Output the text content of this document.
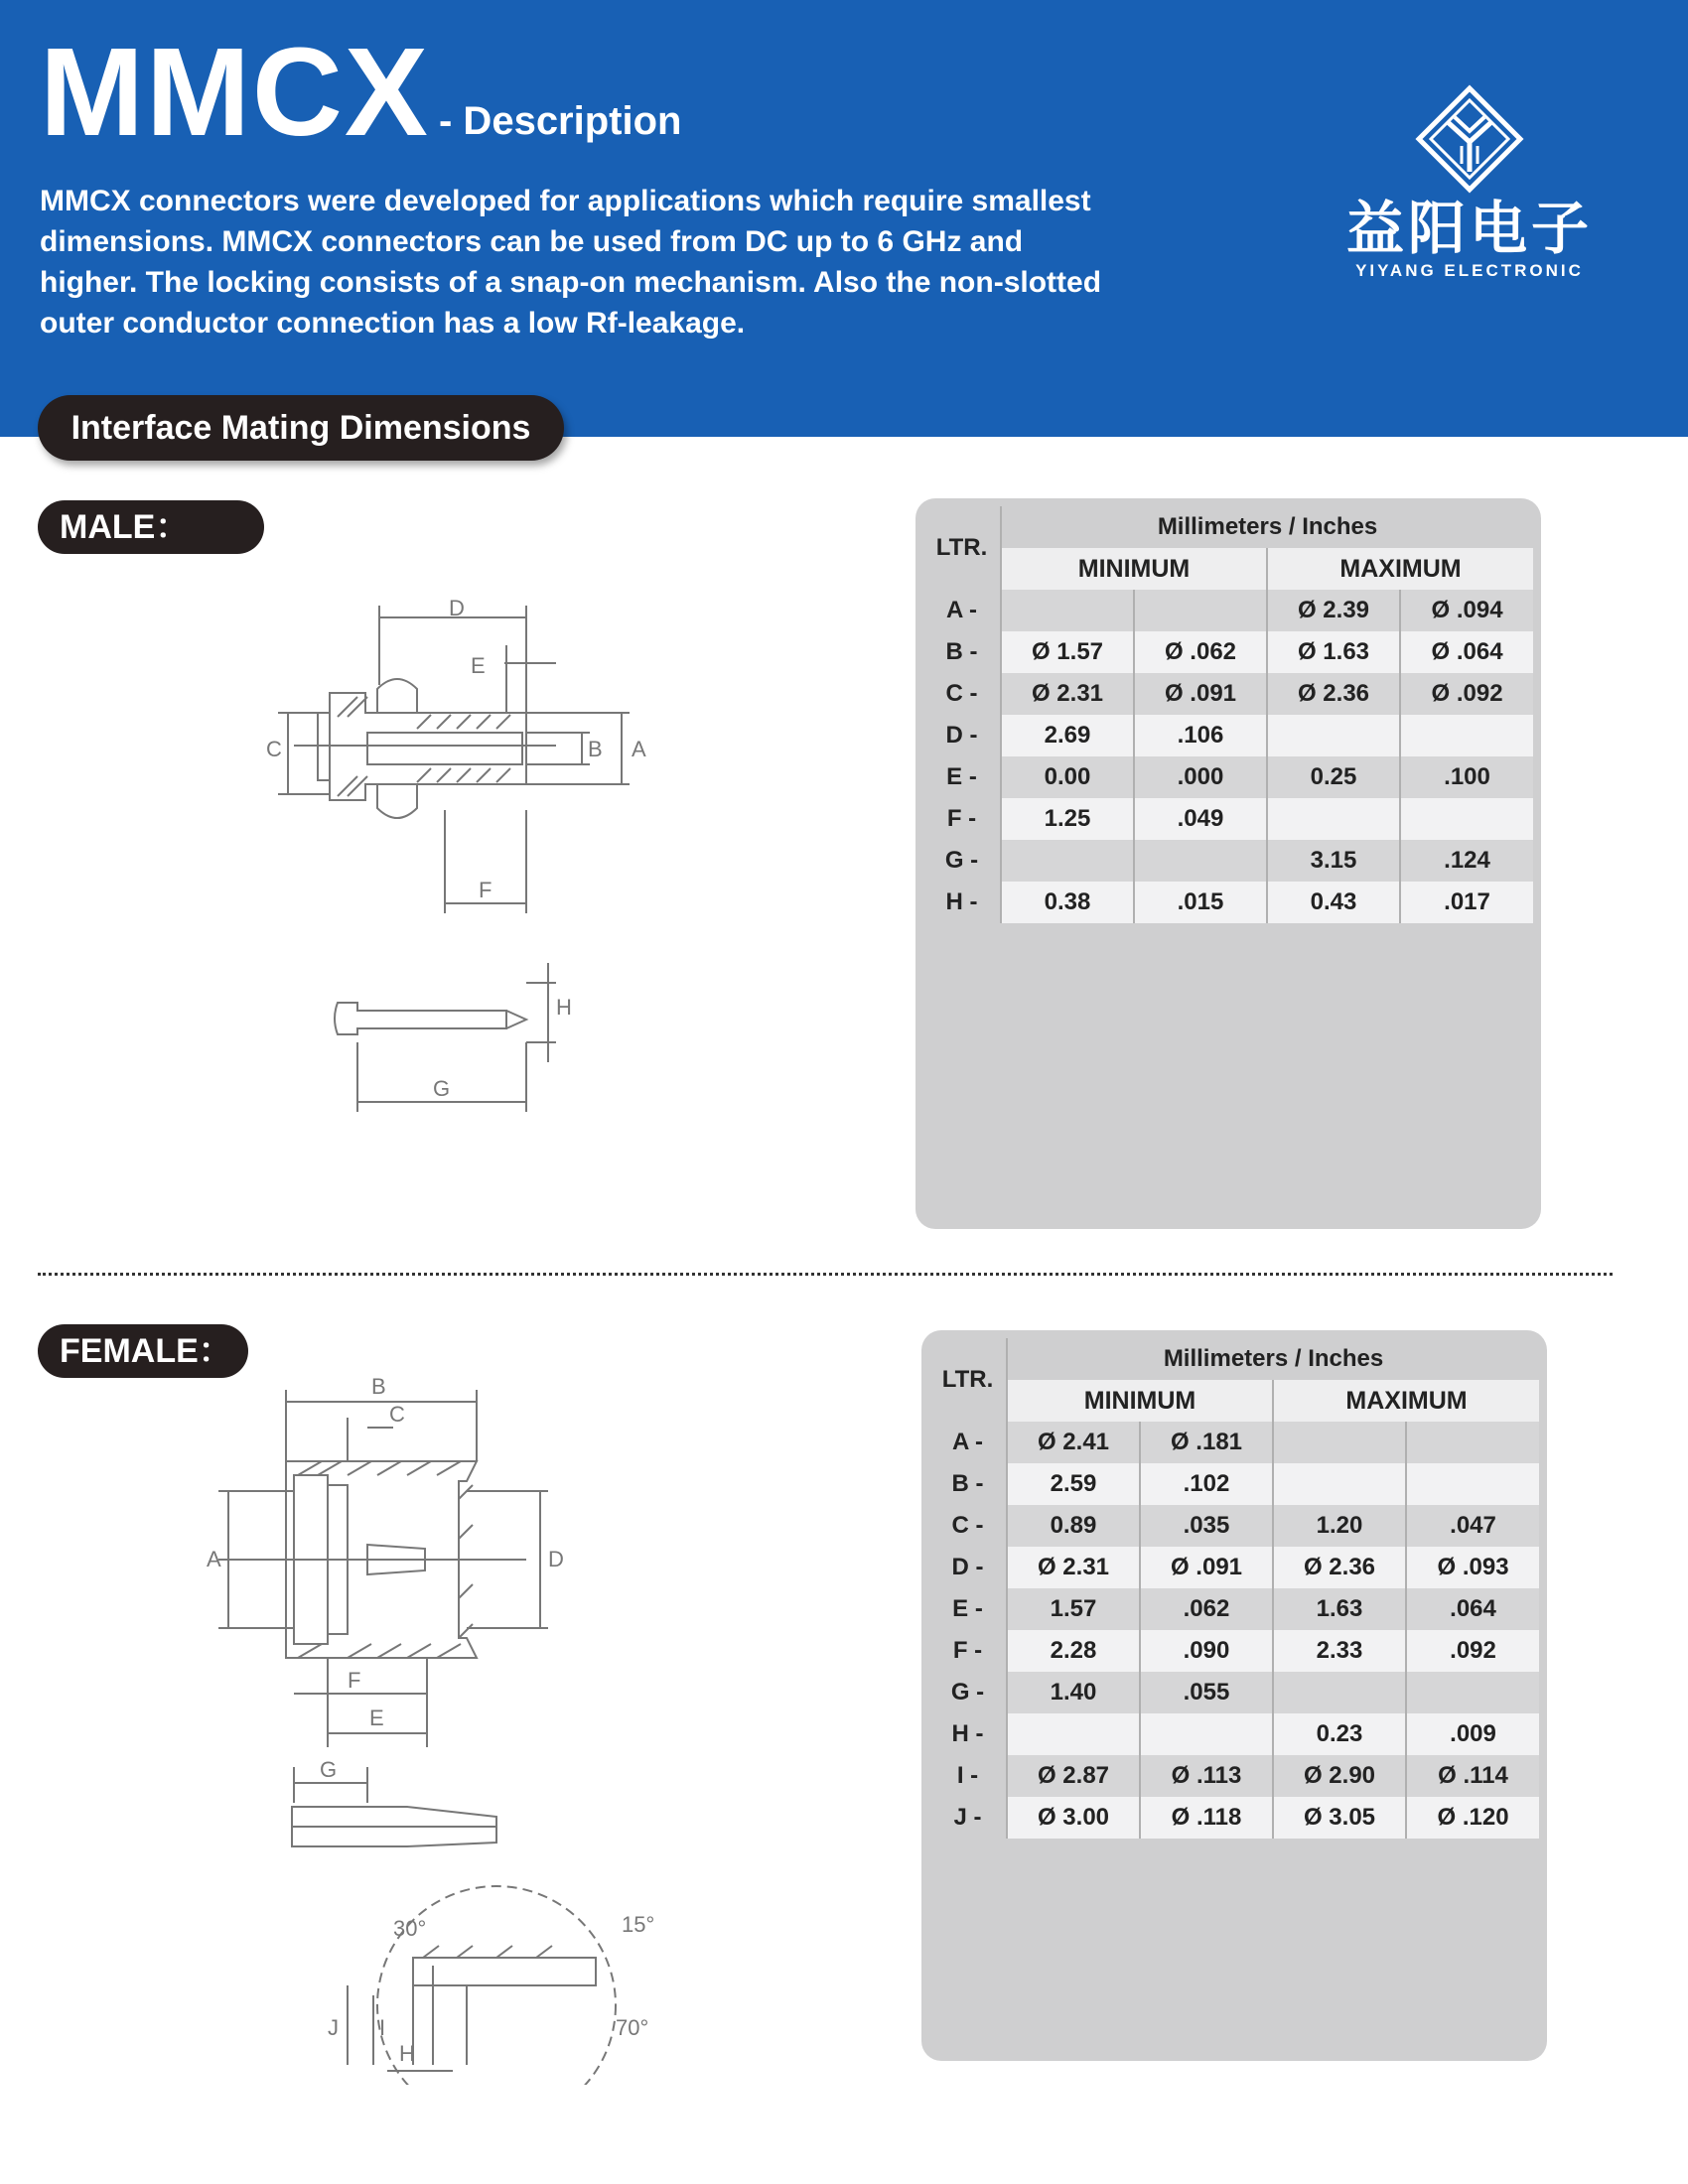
MMCX - Description
MMCX connectors were developed for applications which require smallest dimensions. MMCX connectors can be used from DC up to 6 GHz and higher. The locking consists of a snap-on mechanism. Also the non-slotted outer conductor connection has a low Rf-leakage.
益阳电子
YIYANG ELECTRONIC
Interface Mating Dimensions
MALE：
D
E
C	B A
F
H
G
LTR.	Millimeters / Inches			
	MINIMUM		MAXIMUM	
A -			Ø 2.39	Ø .094
B -	Ø 1.57	Ø .062	Ø 1.63	Ø .064
C -	Ø 2.31	Ø .091	Ø 2.36	Ø .092
D -	2.69	.106		
E -	0.00	.000	0.25	.100
F -	1.25	.049		
G -			3.15	.124
H -	0.38	.015	0.43	.017
FEMALE：
A
B
C
D
E
F
G
H
I
J
30°	15°
70°
LTR.	Millimeters / Inches			
	MINIMUM		MAXIMUM	
A -	Ø 2.41	Ø .181		
B -	2.59	.102		
C -	0.89	.035	1.20	.047
D -	Ø 2.31	Ø .091	Ø 2.36	Ø .093
E -	1.57	.062	1.63	.064
F -	2.28	.090	2.33	.092
G -	1.40	.055		
H -			0.23	.009
I -	Ø 2.87	Ø .113	Ø 2.90	Ø .114
J -	Ø 3.00	Ø .118	Ø 3.05	Ø .120
